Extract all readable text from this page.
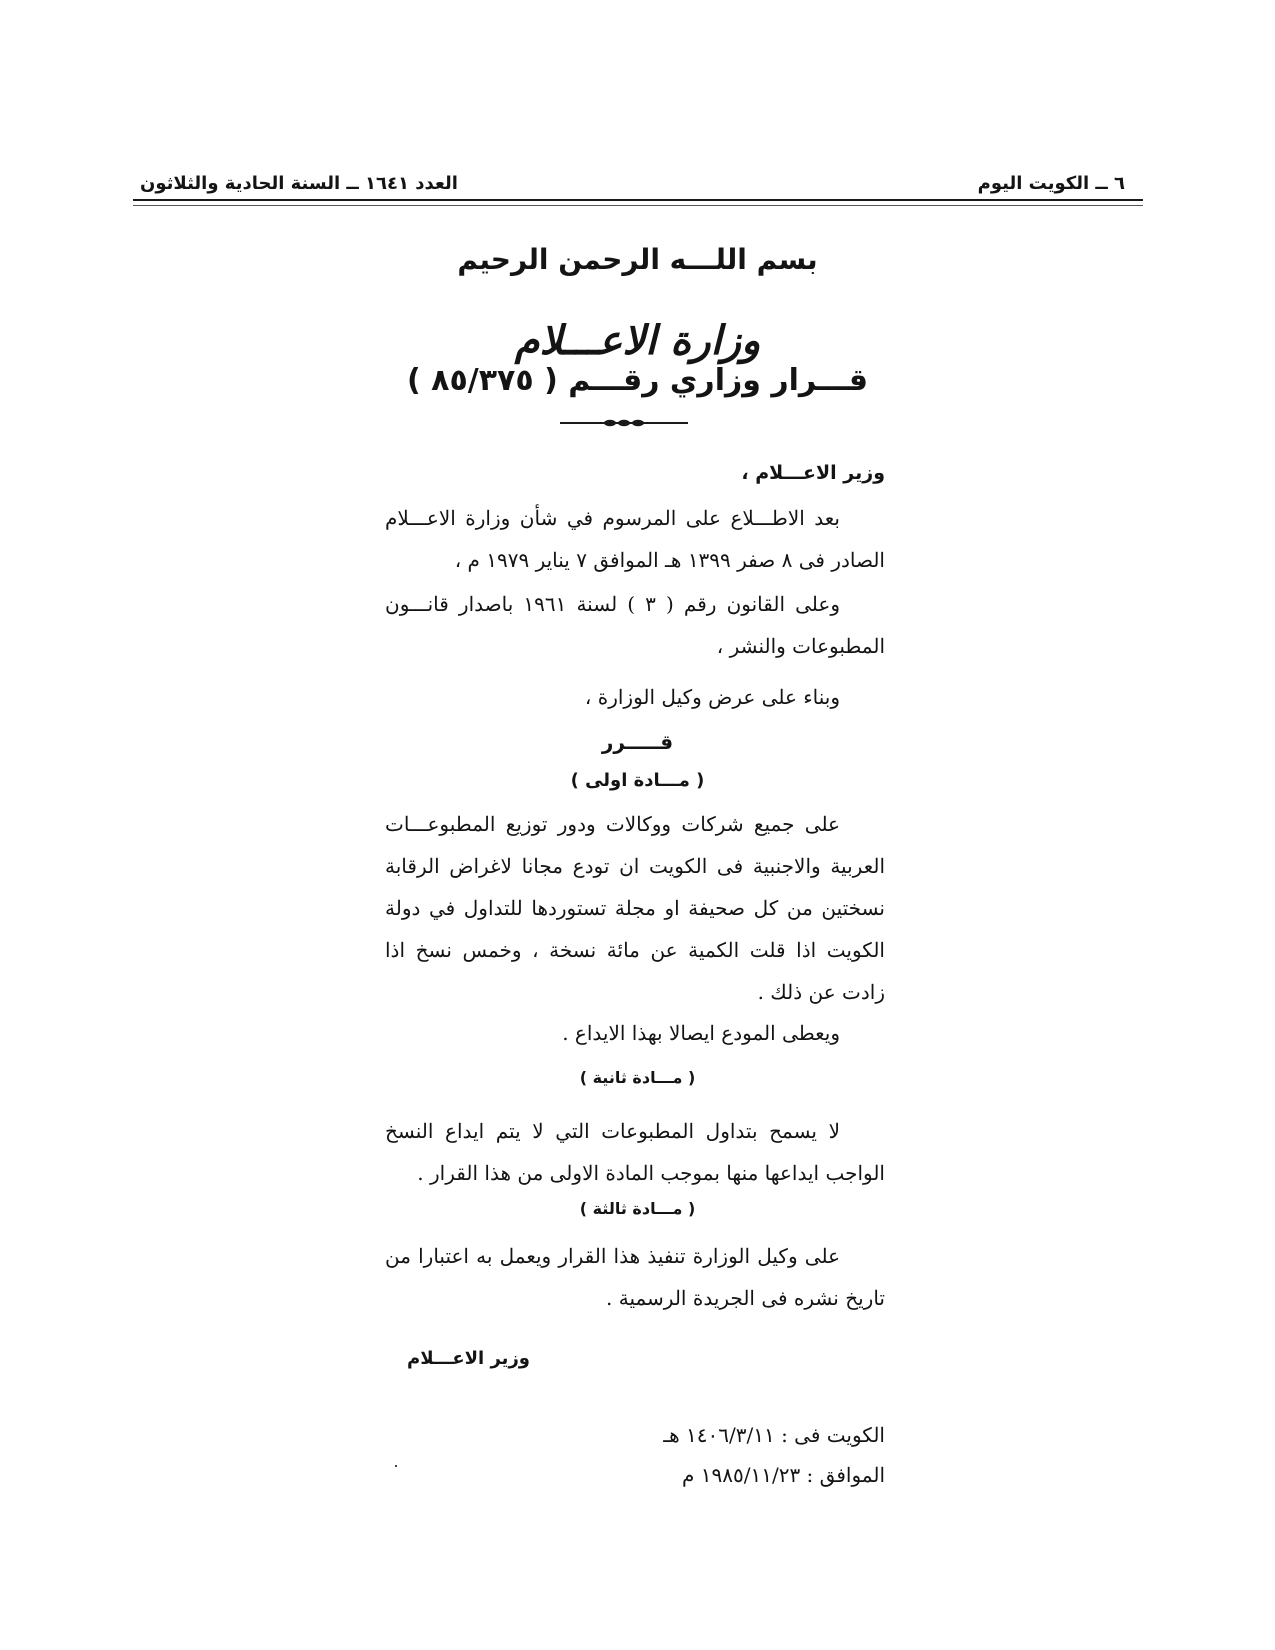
٦ ــ الكويت اليوم
العدد ١٦٤١ ــ السنة الحادية والثلاثون
بسم اللـــه الرحمن الرحيم
وزارة الاعـــلام
قـــرار وزاري رقـــم ( ٨٥/٣٧٥ )
وزير الاعـــلام ،
بعد الاطـــلاع على المرسوم في شأن وزارة الاعـــلام الصادر فى ٨ صفر ١٣٩٩ هـ الموافق ٧ يناير ١٩٧٩ م ،
وعلى القانون رقم ( ٣ ) لسنة ١٩٦١ باصدار قانـــون المطبوعات والنشر ،
وبناء على عرض وكيل الوزارة ،
قـــــرر
( مـــادة اولى )
على جميع شركات ووكالات ودور توزيع المطبوعـــات العربية والاجنبية فى الكويت ان تودع مجانا لاغراض الرقابة نسختين من كل صحيفة او مجلة تستوردها للتداول في دولة الكويت اذا قلت الكمية عن مائة نسخة ، وخمس نسخ اذا زادت عن ذلك .
ويعطى المودع ايصالا بهذا الايداع .
( مـــادة ثانية )
لا يسمح بتداول المطبوعات التي لا يتم ايداع النسخ الواجب ايداعها منها بموجب المادة الاولى من هذا القرار .
( مـــادة ثالثة )
على وكيل الوزارة تنفيذ هذا القرار ويعمل به اعتبارا من تاريخ نشره فى الجريدة الرسمية .
وزير الاعـــلام
الكويت فى : ١٤٠٦/٣/١١ هـ
الموافق : ١٩٨٥/١١/٢٣ م
